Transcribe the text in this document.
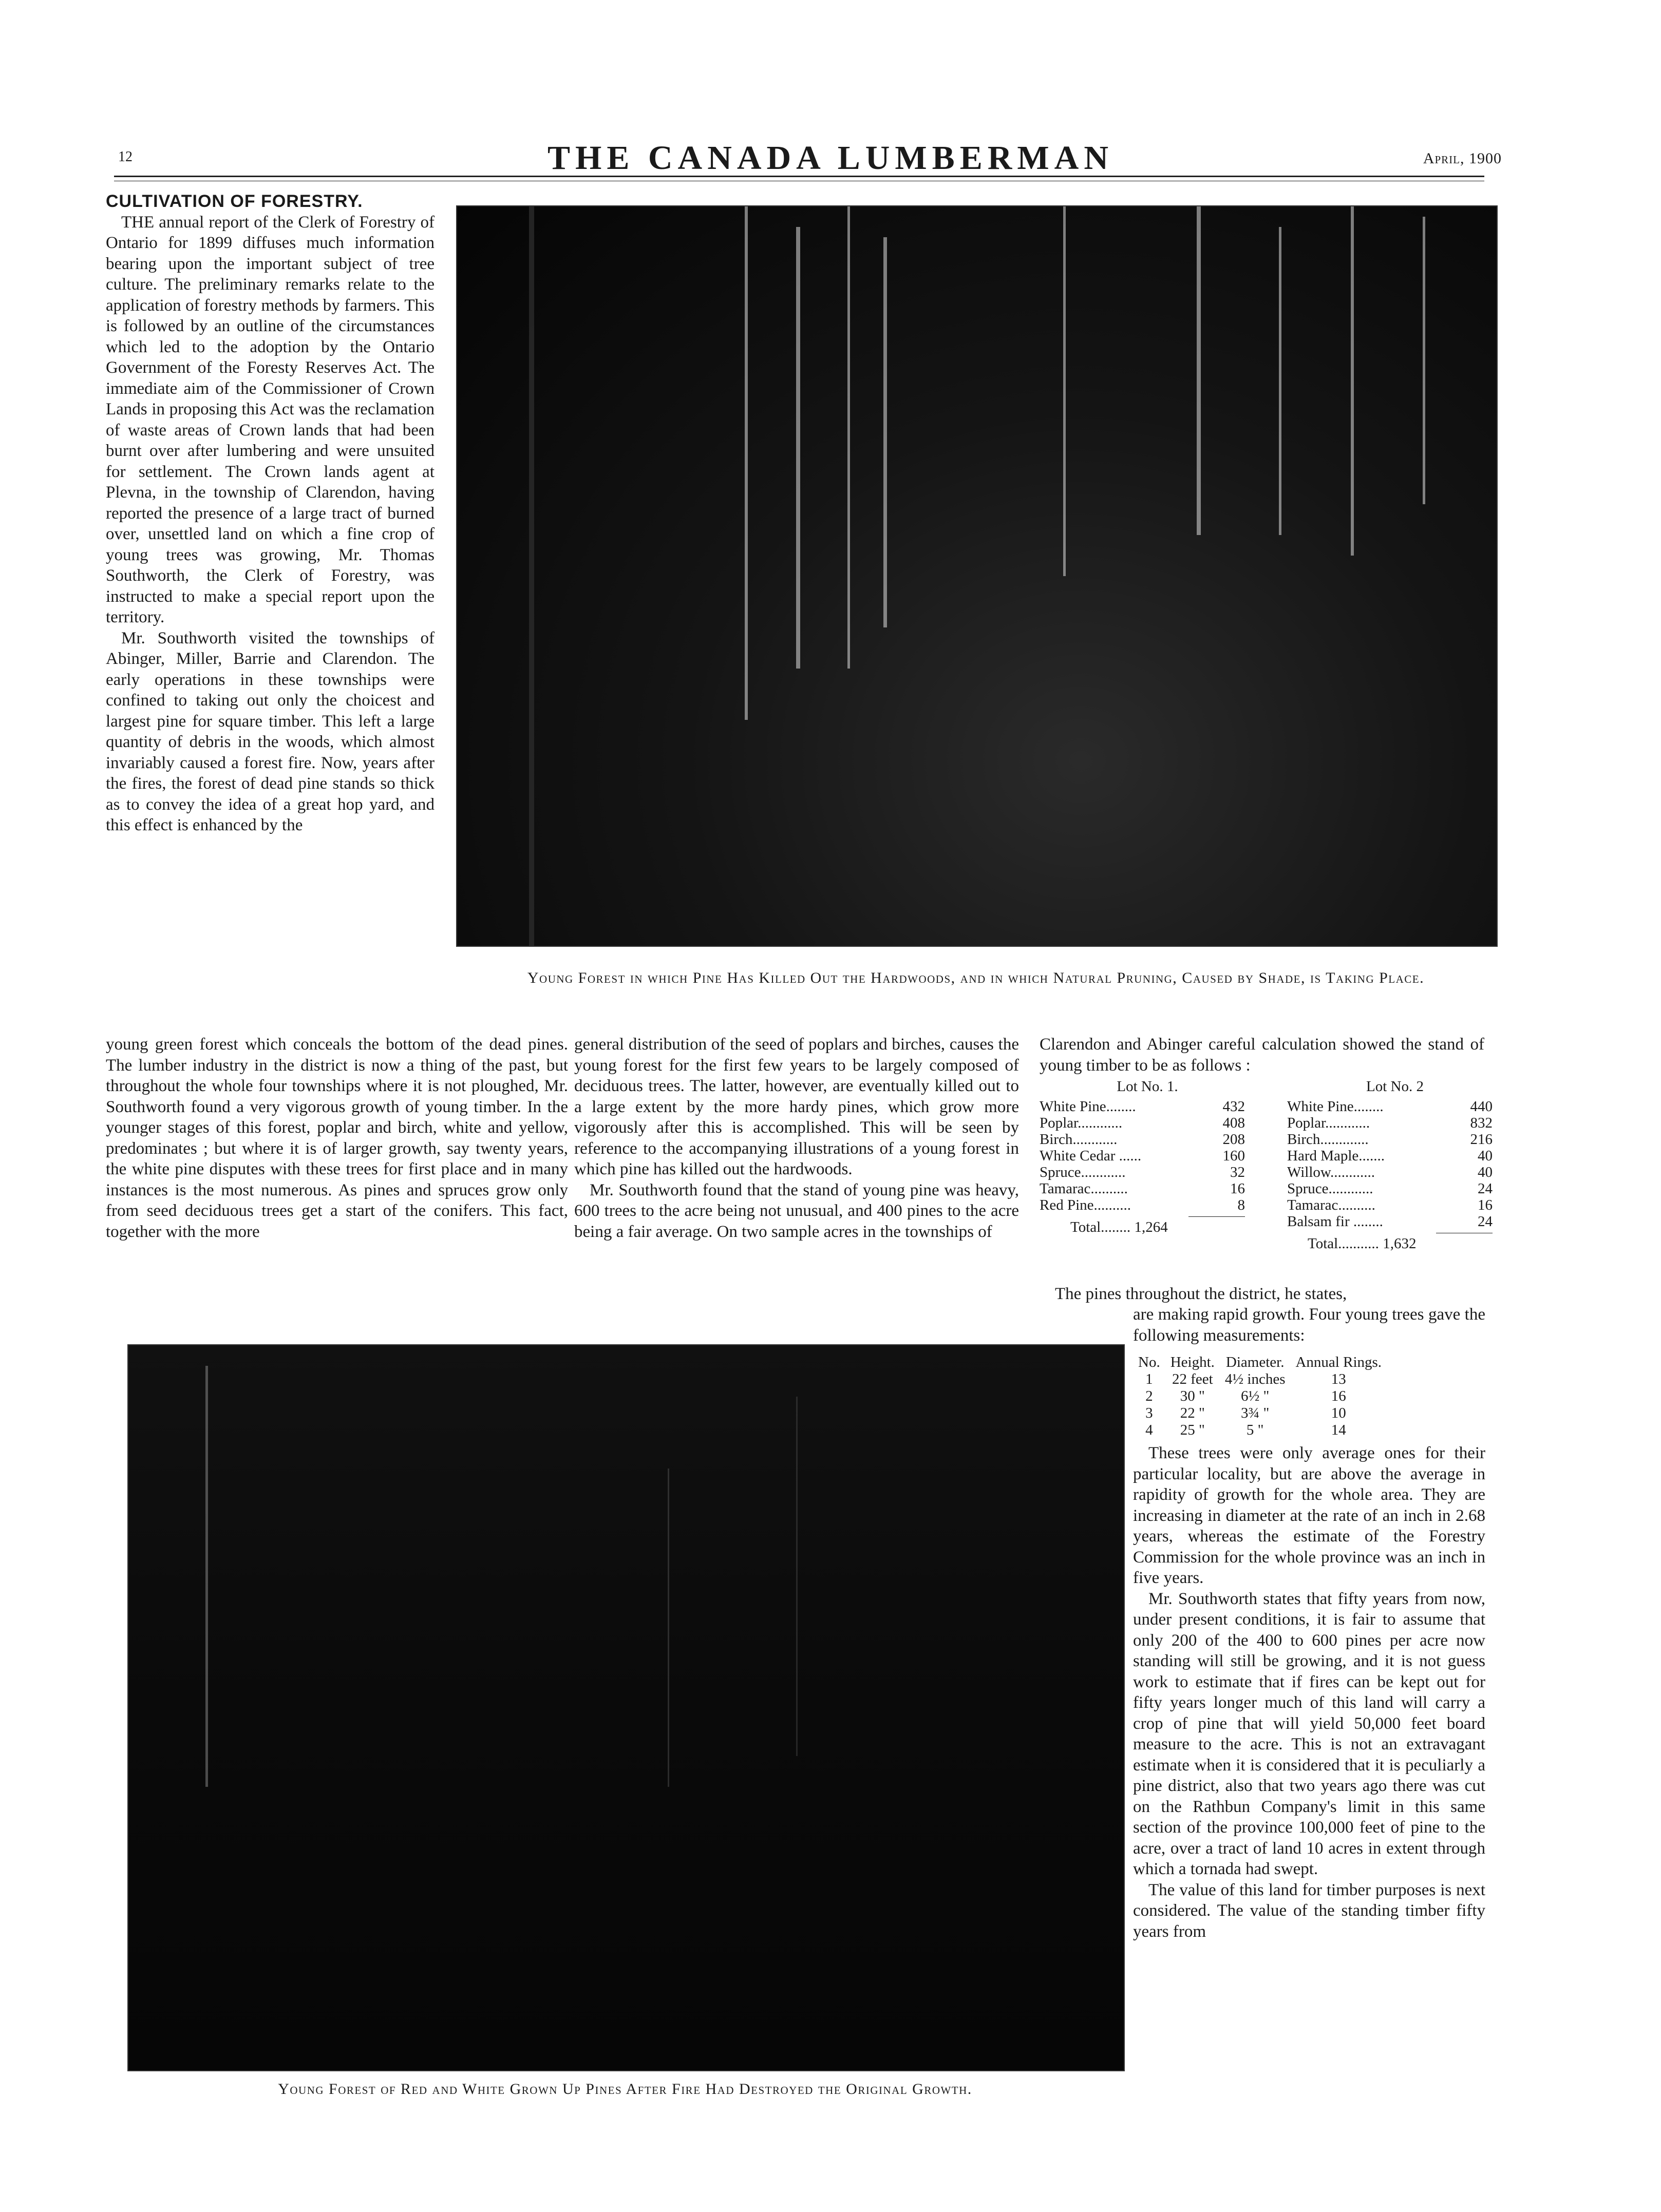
12	THE CANADA LUMBERMAN	April, 1900
CULTIVATION OF FORESTRY.

THE annual report of the Clerk of Forestry of Ontario for 1899 diffuses much information bearing upon the important subject of tree culture. The preliminary remarks relate to the application of forestry methods by farmers. This is followed by an outline of the circumstances which led to the adoption by the Ontario Government of the Foresty Reserves Act. The immediate aim of the Commissioner of Crown Lands in proposing this Act was the reclamation of waste areas of Crown lands that had been burnt over after lumbering and were unsuited for settlement. The Crown lands agent at Plevna, in the township of Clarendon, having reported the presence of a large tract of burned over, unsettled land on which a fine crop of young trees was growing, Mr. Thomas Southworth, the Clerk of Forestry, was instructed to make a special report upon the territory.

Mr. Southworth visited the townships of Abinger, Miller, Barrie and Clarendon. The early operations in these townships were confined to taking out only the choicest and largest pine for square timber. This left a large quantity of debris in the woods, which almost invariably caused a forest fire. Now, years after the fires, the forest of dead pine stands so thick as to convey the idea of a great hop yard, and this effect is enhanced by the

Young Forest in which Pine Has Killed Out the Hardwoods, and in which Natural Pruning, Caused by Shade, is Taking Place.
young green forest which conceals the bottom of the dead pines. The lumber industry in the district is now a thing of the past, but throughout the whole four townships where it is not ploughed, Mr. Southworth found a very vigorous growth of young timber. In the younger stages of this forest, poplar and birch, white and yellow, predominates ; but where it is of larger growth, say twenty years, the white pine disputes with these trees for first place and in many instances is the most numerous. As pines and spruces grow only from seed deciduous trees get a start of the conifers. This fact, together with the more
general distribution of the seed of poplars and birches, causes the young forest for the first few years to be largely composed of deciduous trees. The latter, however, are eventually killed out to a large extent by the more hardy pines, which grow more vigorously after this is accomplished. This will be seen by reference to the accompanying illustrations of a young forest in which pine has killed out the hardwoods.

Mr. Southworth found that the stand of young pine was heavy, 600 trees to the acre being not unusual, and 400 pines to the acre being a fair average. On two sample acres in the townships of

Clarendon and Abinger careful calculation showed the stand of young timber to be as follows :
Lot No. 1.
White Pine........	432
Poplar............	408
Birch............	208
White Cedar ......	160
Spruce............	32
Tamarac..........	16
Red Pine..........	8
Total........ 1,264
Lot No. 2
White Pine........	440
Poplar............	832
Birch.............	216
Hard Maple.......	40
Willow............	40
Spruce............	24
Tamarac..........	16
Balsam fir ........	24
Total........... 1,632

The pines throughout the district, he states,

Young Forest of Red and White Grown Up Pines After Fire Had Destroyed the Original Growth.
are making rapid growth. Four young trees gave the following measurements:
No.	Height.	Diameter.	Annual Rings.
1	22 feet	4½ inches	13
2	30 "	6½ "	16
3	22 "	3¾ "	10
4	25 "	5 "	14

These trees were only average ones for their particular locality, but are above the average in rapidity of growth for the whole area. They are increasing in diameter at the rate of an inch in 2.68 years, whereas the estimate of the Forestry Commission for the whole province was an inch in five years.

Mr. Southworth states that fifty years from now, under present conditions, it is fair to assume that only 200 of the 400 to 600 pines per acre now standing will still be growing, and it is not guess work to estimate that if fires can be kept out for fifty years longer much of this land will carry a crop of pine that will yield 50,000 feet board measure to the acre. This is not an extravagant estimate when it is considered that it is peculiarly a pine district, also that two years ago there was cut on the Rathbun Company's limit in this same section of the province 100,000 feet of pine to the acre, over a tract of land 10 acres in extent through which a tornada had swept.

The value of this land for timber purposes is next considered. The value of the standing timber fifty years from
